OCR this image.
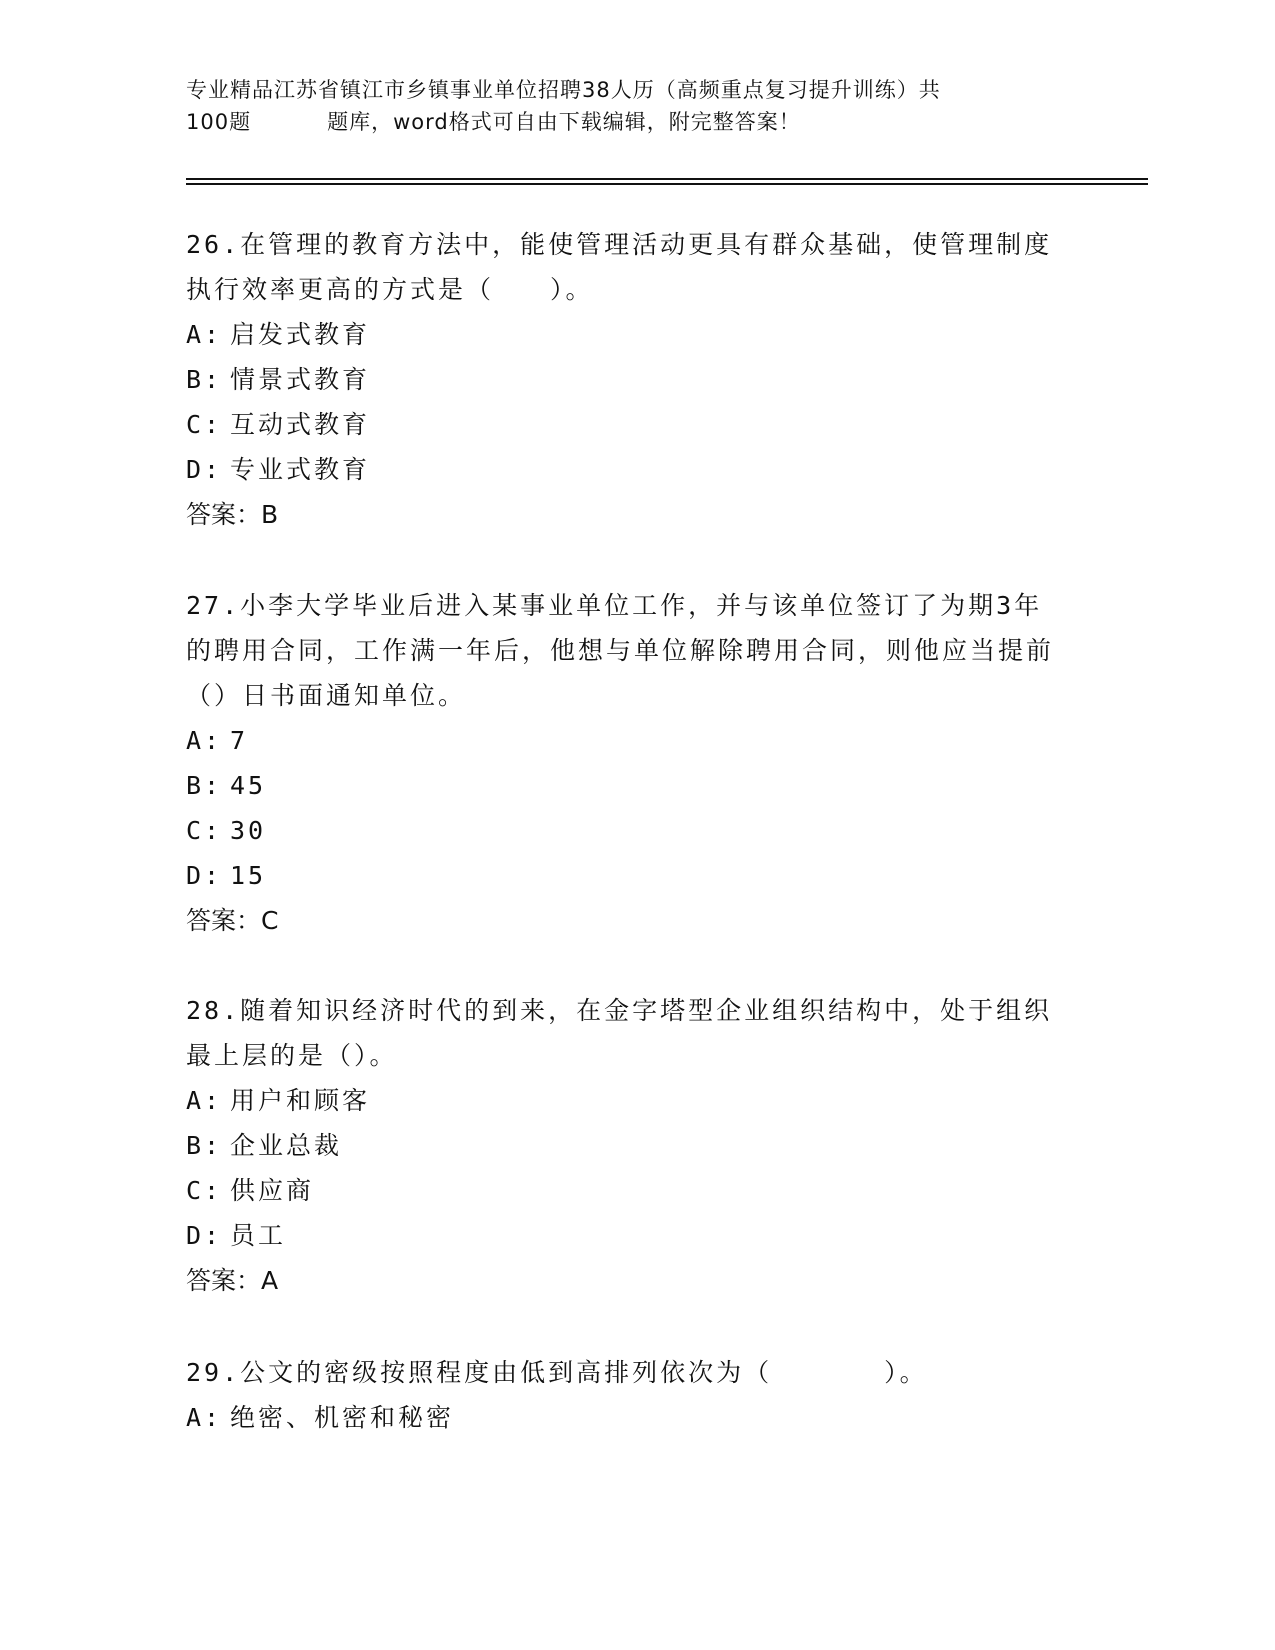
专业精品江苏省镇江市乡镇事业单位招聘38人历（高频重点复习提升训练）共
100题	题库，word格式可自由下载编辑，附完整答案！

26.在管理的教育方法中，能使管理活动更具有群众基础，使管理制度执行效率更高的方式是（　　）。

A: 启发式教育

B: 情景式教育

C: 互动式教育

D: 专业式教育

答案：B

27.小李大学毕业后进入某事业单位工作，并与该单位签订了为期3年的聘用合同，工作满一年后，他想与单位解除聘用合同，则他应当提前（）日书面通知单位。

A: 7

B: 45

C: 30

D: 15

答案：C

28.随着知识经济时代的到来，在金字塔型企业组织结构中，处于组织最上层的是（）。

A: 用户和顾客

B: 企业总裁

C: 供应商

D: 员工

答案：A

29.公文的密级按照程度由低到高排列依次为（　　　　）。

A: 绝密、机密和秘密
